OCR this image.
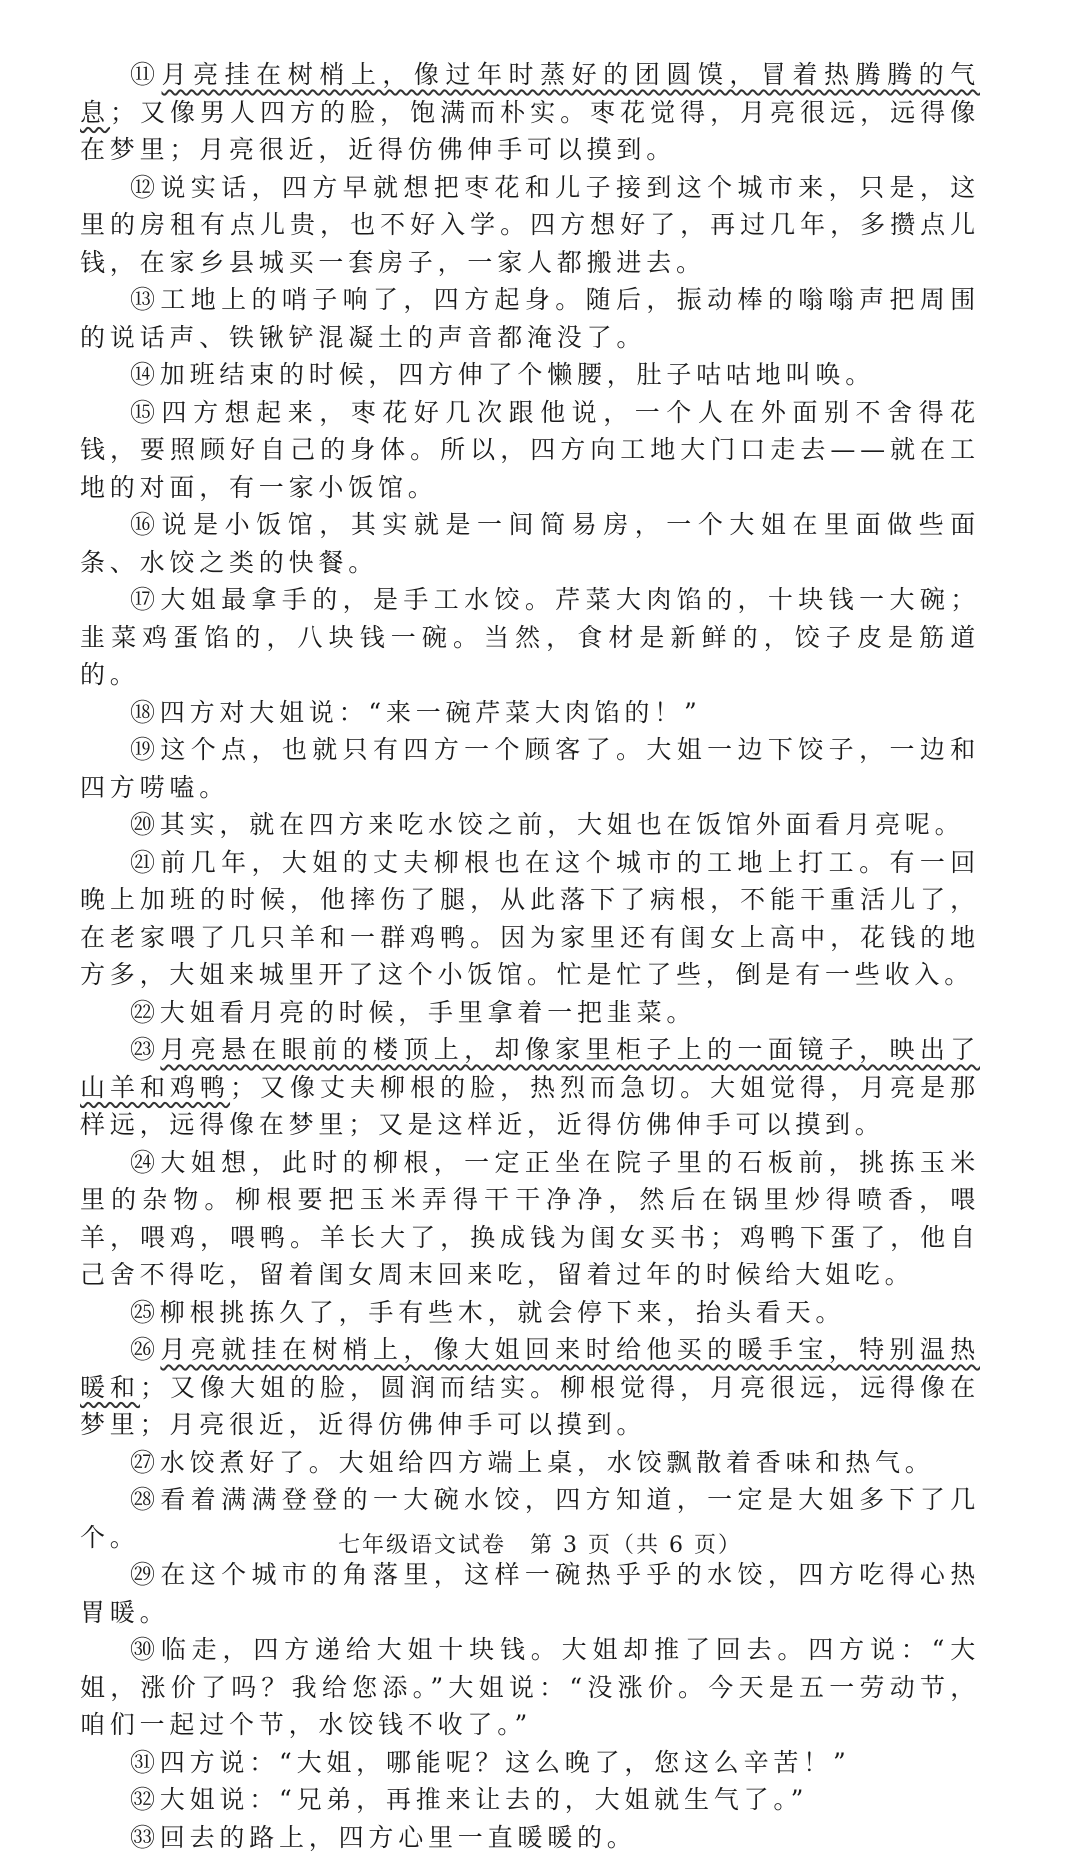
⑪月亮挂在树梢上，像过年时蒸好的团圆馍，冒着热腾腾的气息；又像男人四方的脸，饱满而朴实。枣花觉得，月亮很远，远得像在梦里；月亮很近，近得仿佛伸手可以摸到。

⑫说实话，四方早就想把枣花和儿子接到这个城市来，只是，这里的房租有点儿贵，也不好入学。四方想好了，再过几年，多攒点儿钱，在家乡县城买一套房子，一家人都搬进去。

⑬工地上的哨子响了，四方起身。随后，振动棒的嗡嗡声把周围的说话声、铁锹铲混凝土的声音都淹没了。

⑭加班结束的时候，四方伸了个懒腰，肚子咕咕地叫唤。

⑮四方想起来，枣花好几次跟他说，一个人在外面别不舍得花钱，要照顾好自己的身体。所以，四方向工地大门口走去——就在工地的对面，有一家小饭馆。

⑯说是小饭馆，其实就是一间简易房，一个大姐在里面做些面条、水饺之类的快餐。

⑰大姐最拿手的，是手工水饺。芹菜大肉馅的，十块钱一大碗；韭菜鸡蛋馅的，八块钱一碗。当然，食材是新鲜的，饺子皮是筋道的。

⑱四方对大姐说：“来一碗芹菜大肉馅的！”

⑲这个点，也就只有四方一个顾客了。大姐一边下饺子，一边和四方唠嗑。

⑳其实，就在四方来吃水饺之前，大姐也在饭馆外面看月亮呢。

㉑前几年，大姐的丈夫柳根也在这个城市的工地上打工。有一回晚上加班的时候，他摔伤了腿，从此落下了病根，不能干重活儿了，在老家喂了几只羊和一群鸡鸭。因为家里还有闺女上高中，花钱的地方多，大姐来城里开了这个小饭馆。忙是忙了些，倒是有一些收入。

㉒大姐看月亮的时候，手里拿着一把韭菜。

㉓月亮悬在眼前的楼顶上，却像家里柜子上的一面镜子，映出了山羊和鸡鸭；又像丈夫柳根的脸，热烈而急切。大姐觉得，月亮是那样远，远得像在梦里；又是这样近，近得仿佛伸手可以摸到。

㉔大姐想，此时的柳根，一定正坐在院子里的石板前，挑拣玉米里的杂物。柳根要把玉米弄得干干净净，然后在锅里炒得喷香，喂羊，喂鸡，喂鸭。羊长大了，换成钱为闺女买书；鸡鸭下蛋了，他自己舍不得吃，留着闺女周末回来吃，留着过年的时候给大姐吃。

㉕柳根挑拣久了，手有些木，就会停下来，抬头看天。

㉖月亮就挂在树梢上，像大姐回来时给他买的暖手宝，特别温热暖和；又像大姐的脸，圆润而结实。柳根觉得，月亮很远，远得像在梦里；月亮很近，近得仿佛伸手可以摸到。

㉗水饺煮好了。大姐给四方端上桌，水饺飘散着香味和热气。

㉘看着满满登登的一大碗水饺，四方知道，一定是大姐多下了几个。

㉙在这个城市的角落里，这样一碗热乎乎的水饺，四方吃得心热胃暖。

㉚临走，四方递给大姐十块钱。大姐却推了回去。四方说：“大姐，涨价了吗？我给您添。”大姐说：“没涨价。今天是五一劳动节，咱们一起过个节，水饺钱不收了。”

㉛四方说：“大姐，哪能呢？这么晚了，您这么辛苦！”

㉜大姐说：“兄弟，再推来让去的，大姐就生气了。”

㉝回去的路上，四方心里一直暖暖的。

七年级语文试卷　第 3 页（共 6 页）
